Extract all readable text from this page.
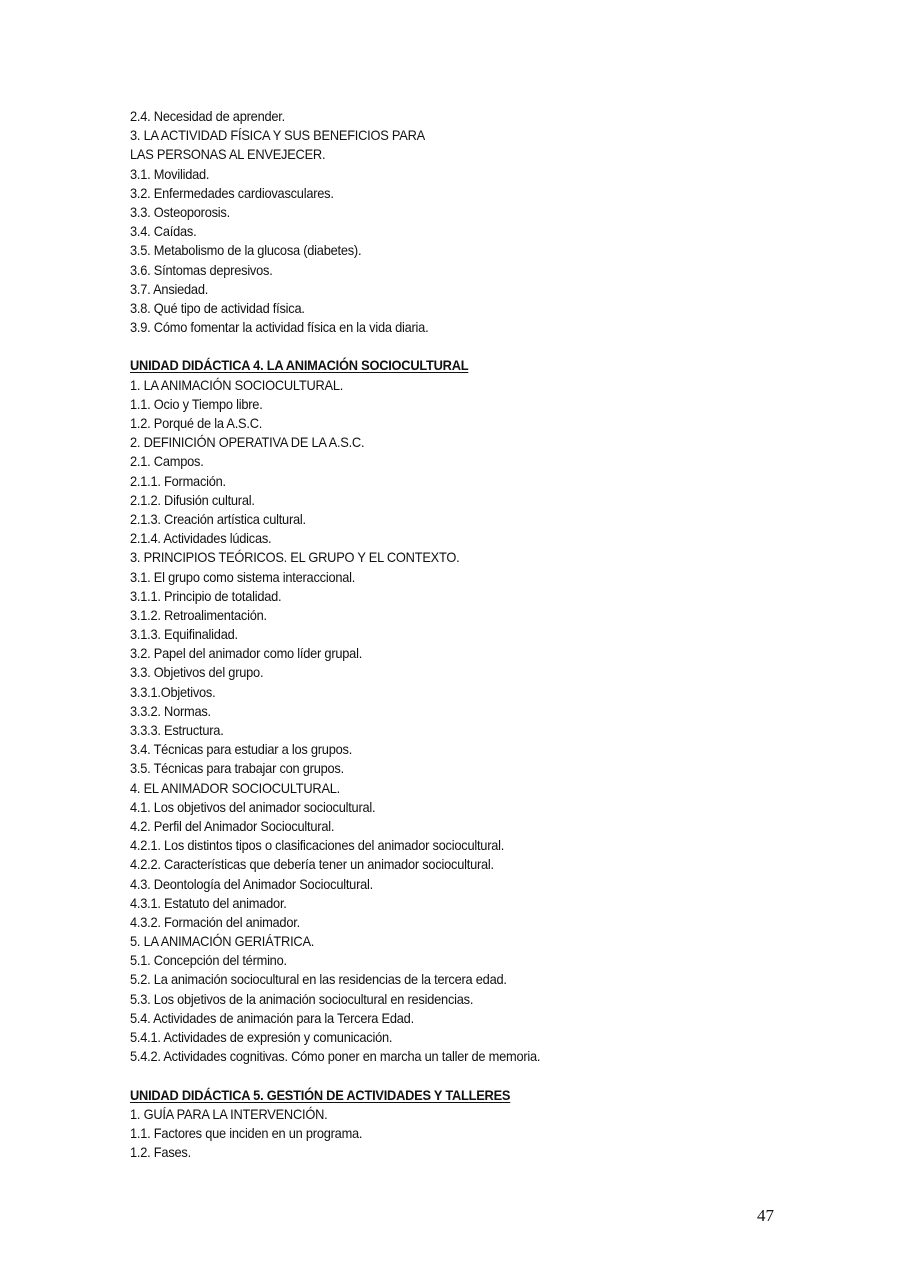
2.4. Necesidad de aprender.
3. LA ACTIVIDAD FÍSICA Y SUS BENEFICIOS PARA
LAS PERSONAS AL ENVEJECER.
3.1. Movilidad.
3.2. Enfermedades cardiovasculares.
3.3. Osteoporosis.
3.4. Caídas.
3.5. Metabolismo de la glucosa (diabetes).
3.6. Síntomas depresivos.
3.7. Ansiedad.
3.8. Qué tipo de actividad física.
3.9. Cómo fomentar la actividad física en la vida diaria.
UNIDAD DIDÁCTICA 4. LA ANIMACIÓN SOCIOCULTURAL
1. LA ANIMACIÓN SOCIOCULTURAL.
1.1. Ocio y Tiempo libre.
1.2. Porqué de la A.S.C.
2. DEFINICIÓN OPERATIVA DE LA A.S.C.
2.1. Campos.
2.1.1. Formación.
2.1.2. Difusión cultural.
2.1.3. Creación artística cultural.
2.1.4. Actividades lúdicas.
3. PRINCIPIOS TEÓRICOS. EL GRUPO Y EL CONTEXTO.
3.1. El grupo como sistema interaccional.
3.1.1. Principio de totalidad.
3.1.2. Retroalimentación.
3.1.3. Equifinalidad.
3.2. Papel del animador como líder grupal.
3.3. Objetivos del grupo.
3.3.1.Objetivos.
3.3.2. Normas.
3.3.3. Estructura.
3.4. Técnicas para estudiar a los grupos.
3.5. Técnicas para trabajar con grupos.
4. EL ANIMADOR SOCIOCULTURAL.
4.1. Los objetivos del animador sociocultural.
4.2. Perfil del Animador Sociocultural.
4.2.1. Los distintos tipos o clasificaciones del animador sociocultural.
4.2.2. Características que debería tener un animador sociocultural.
4.3. Deontología del Animador Sociocultural.
4.3.1. Estatuto del animador.
4.3.2. Formación del animador.
5. LA ANIMACIÓN GERIÁTRICA.
5.1. Concepción del término.
5.2. La animación sociocultural en las residencias de la tercera edad.
5.3. Los objetivos de la animación sociocultural en residencias.
5.4. Actividades de animación para la Tercera Edad.
5.4.1. Actividades de expresión y comunicación.
5.4.2. Actividades cognitivas. Cómo poner en marcha un taller de memoria.
UNIDAD DIDÁCTICA 5. GESTIÓN DE ACTIVIDADES Y TALLERES
1. GUÍA PARA LA INTERVENCIÓN.
1.1. Factores que inciden en un programa.
1.2. Fases.
47
